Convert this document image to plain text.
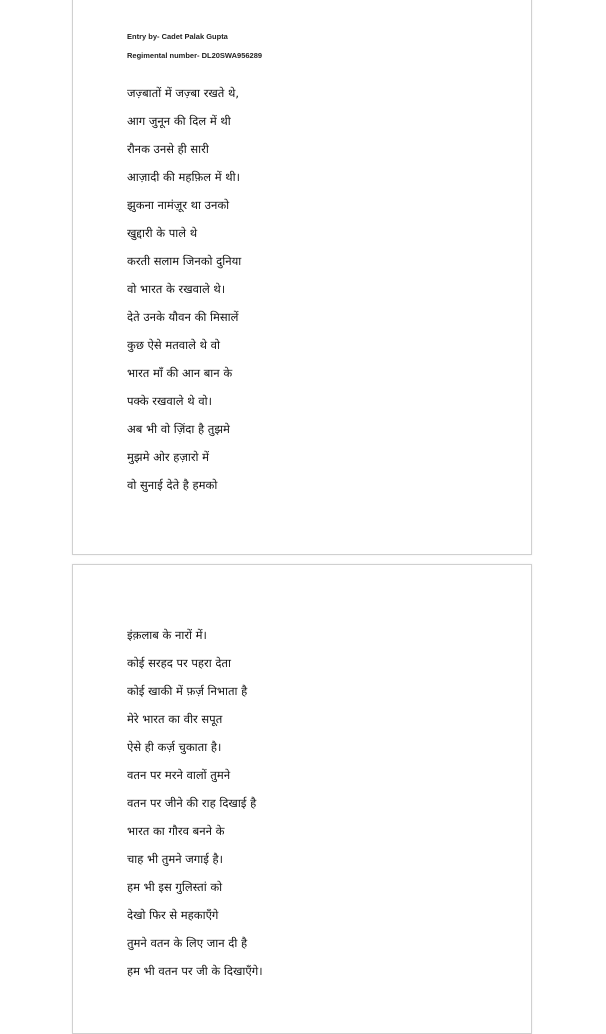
Entry by- Cadet Palak Gupta
Regimental number- DL20SWA956289
जज़्बातों में जज़्बा रखते थे,
आग जुनून की दिल में थी
रौनक उनसे ही सारी
आज़ादी की महफ़िल में थी।
झुकना नामंज़ूर था उनको
खुद्दारी के पाले थे
करती सलाम जिनको दुनिया
वो भारत के रखवाले थे।
देते उनके यौवन की मिसालें
कुछ ऐसे मतवाले थे वो
भारत माँ की आन बान के
पक्के रखवाले थे वो।
अब भी वो ज़िंदा है तुझमे
मुझमे ओर हज़ारो में
वो सुनाई देते है हमको
इंक़लाब के नारों में।
कोई सरहद पर पहरा देता
कोई खाकी में फ़र्ज़ निभाता है
मेरे भारत का वीर सपूत
ऐसे ही कर्ज़ चुकाता है।
वतन पर मरने वालों तुमने
वतन पर जीने की राह दिखाई है
भारत का गौरव बनने के
चाह भी तुमने जगाई है।
हम भी इस गुलिस्तां को
देखो फिर से महकाएँगे
तुमने वतन के लिए जान दी है
हम भी वतन पर जी के दिखाएँगे।
